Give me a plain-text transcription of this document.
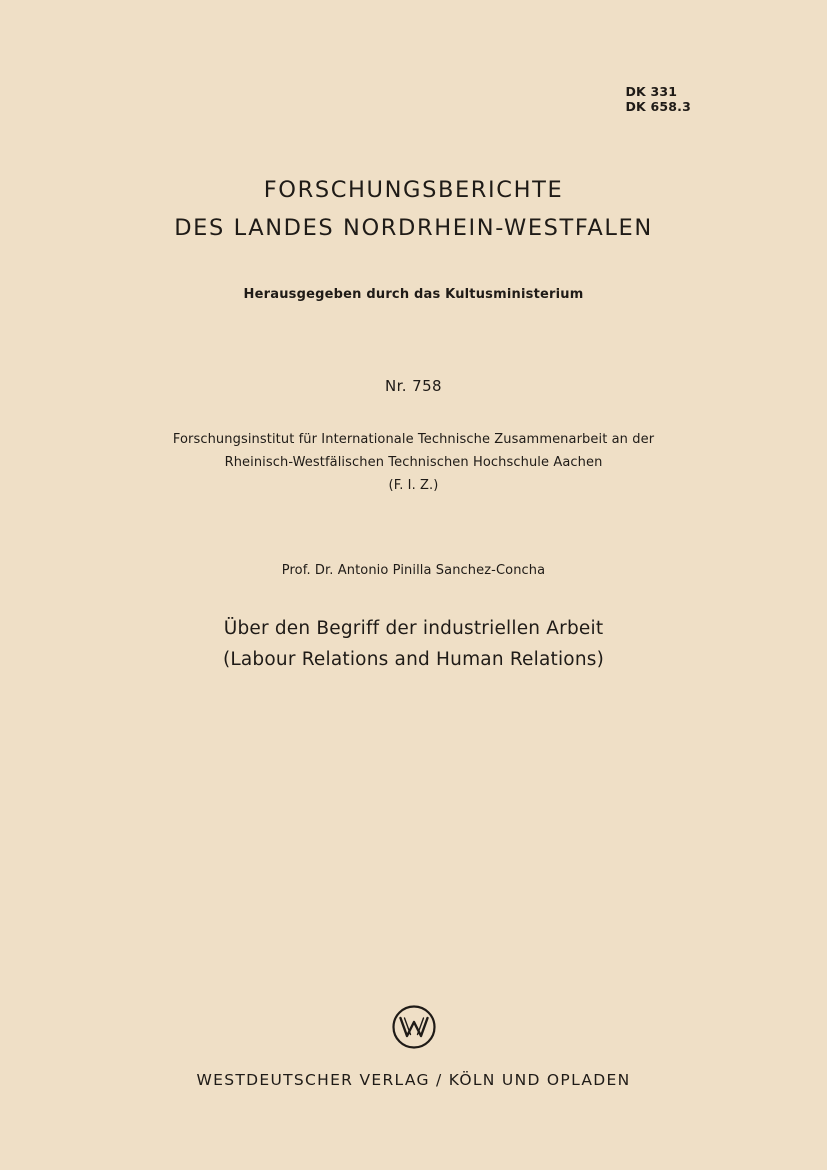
DK 331
DK 658.3
FORSCHUNGSBERICHTE
DES LANDES NORDRHEIN-WESTFALEN
Herausgegeben durch das Kultusministerium
Nr. 758
Forschungsinstitut für Internationale Technische Zusammenarbeit an der
Rheinisch-Westfälischen Technischen Hochschule Aachen
(F. I. Z.)
Prof. Dr. Antonio Pinilla Sanchez-Concha
Über den Begriff der industriellen Arbeit
(Labour Relations and Human Relations)
WESTDEUTSCHER VERLAG / KÖLN UND OPLADEN
